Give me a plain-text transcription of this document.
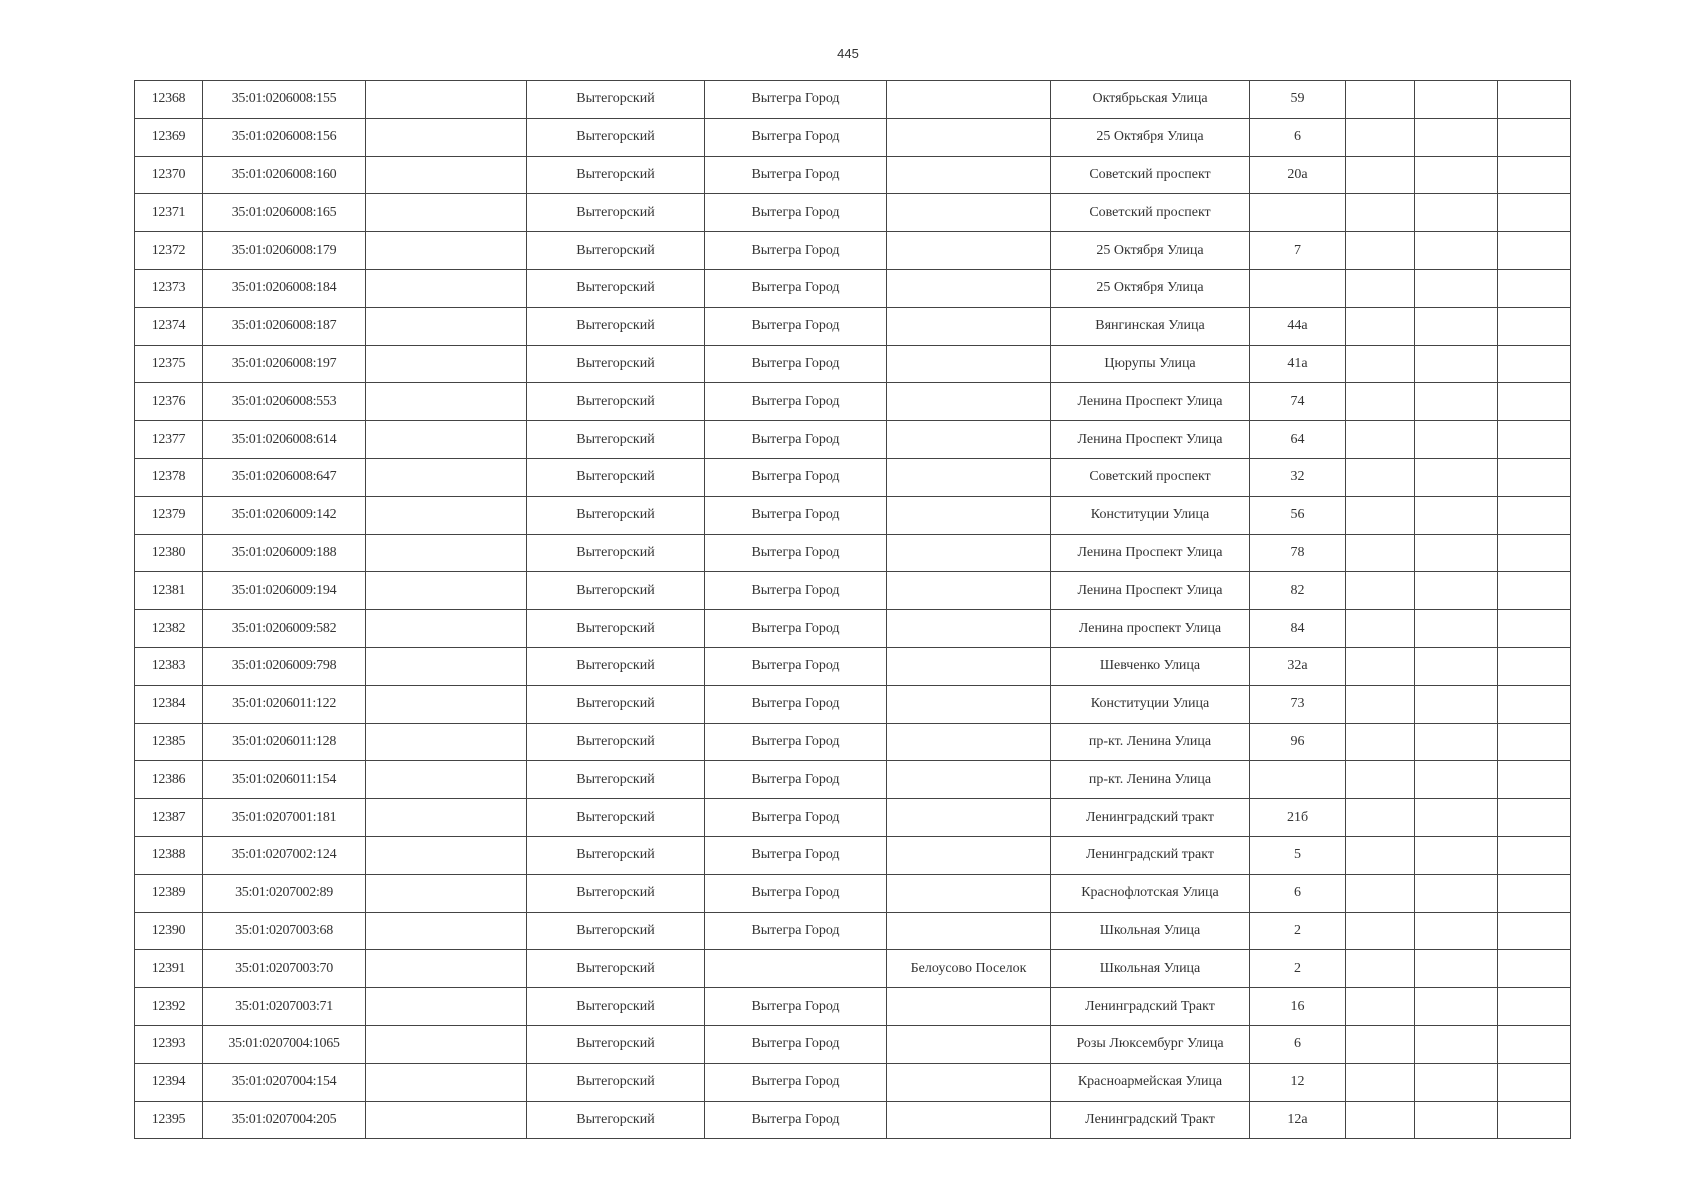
445
12368	35:01:0206008:155		Вытегорский	Вытегра Город		Октябрьская Улица	59			
12369	35:01:0206008:156		Вытегорский	Вытегра Город		25 Октября Улица	6			
12370	35:01:0206008:160		Вытегорский	Вытегра Город		Советский проспект	20а			
12371	35:01:0206008:165		Вытегорский	Вытегра Город		Советский проспект				
12372	35:01:0206008:179		Вытегорский	Вытегра Город		25 Октября Улица	7			
12373	35:01:0206008:184		Вытегорский	Вытегра Город		25 Октября Улица				
12374	35:01:0206008:187		Вытегорский	Вытегра Город		Вянгинская Улица	44а			
12375	35:01:0206008:197		Вытегорский	Вытегра Город		Цюрупы Улица	41а			
12376	35:01:0206008:553		Вытегорский	Вытегра Город		Ленина Проспект Улица	74			
12377	35:01:0206008:614		Вытегорский	Вытегра Город		Ленина Проспект Улица	64			
12378	35:01:0206008:647		Вытегорский	Вытегра Город		Советский проспект	32			
12379	35:01:0206009:142		Вытегорский	Вытегра Город		Конституции Улица	56			
12380	35:01:0206009:188		Вытегорский	Вытегра Город		Ленина Проспект Улица	78			
12381	35:01:0206009:194		Вытегорский	Вытегра Город		Ленина Проспект Улица	82			
12382	35:01:0206009:582		Вытегорский	Вытегра Город		Ленина проспект Улица	84			
12383	35:01:0206009:798		Вытегорский	Вытегра Город		Шевченко Улица	32а			
12384	35:01:0206011:122		Вытегорский	Вытегра Город		Конституции Улица	73			
12385	35:01:0206011:128		Вытегорский	Вытегра Город		пр-кт. Ленина Улица	96			
12386	35:01:0206011:154		Вытегорский	Вытегра Город		пр-кт. Ленина Улица				
12387	35:01:0207001:181		Вытегорский	Вытегра Город		Ленинградский тракт	21б			
12388	35:01:0207002:124		Вытегорский	Вытегра Город		Ленинградский тракт	5			
12389	35:01:0207002:89		Вытегорский	Вытегра Город		Краснофлотская Улица	6			
12390	35:01:0207003:68		Вытегорский	Вытегра Город		Школьная Улица	2			
12391	35:01:0207003:70		Вытегорский		Белоусово Поселок	Школьная Улица	2			
12392	35:01:0207003:71		Вытегорский	Вытегра Город		Ленинградский Тракт	16			
12393	35:01:0207004:1065		Вытегорский	Вытегра Город		Розы Люксембург Улица	6			
12394	35:01:0207004:154		Вытегорский	Вытегра Город		Красноармейская Улица	12			
12395	35:01:0207004:205		Вытегорский	Вытегра Город		Ленинградский Тракт	12а			
